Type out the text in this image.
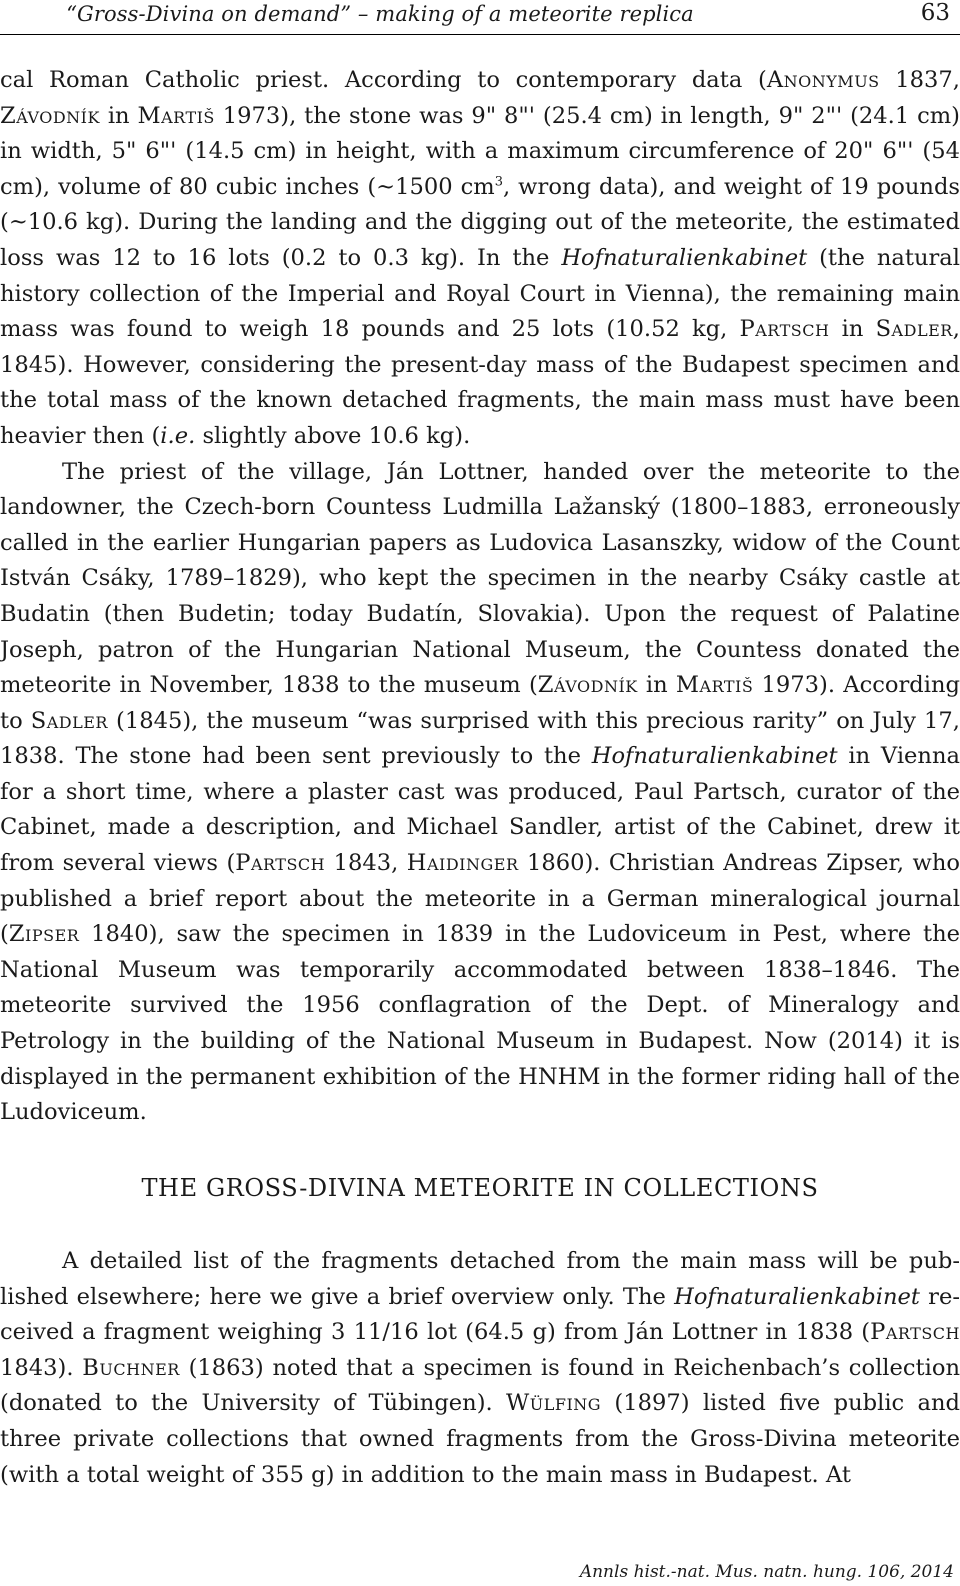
“Gross-Divina on demand” – making of a meteorite replica	63

cal Roman Catholic priest. According to contemporary data (Anonymus 1837, Závodník in Martiš 1973), the stone was 9" 8"' (25.4 cm) in length, 9" 2"' (24.1 cm) in width, 5" 6"' (14.5 cm) in height, with a maximum circumference of 20" 6"' (54 cm), volume of 80 cubic inches (~1500 $cm^3$, wrong data), and weight of 19 pounds (~10.6 kg). During the landing and the digging out of the meteorite, the estimated loss was 12 to 16 lots (0.2 to 0.3 kg). In the Hofnaturalienkabinet (the natural history collection of the Imperial and Royal Court in Vienna), the remaining main mass was found to weigh 18 pounds and 25 lots (10.52 kg, Partsch in Sadler, 1845). However, considering the present-day mass of the Budapest specimen and the total mass of the known detached fragments, the main mass must have been heavier then (i.e. slightly above 10.6 kg).

The priest of the village, Ján Lottner, handed over the meteorite to the landowner, the Czech-born Countess Ludmilla Lažanský (1800–1883, erroneously called in the earlier Hungarian papers as Ludovica Lasanszky, widow of the Count István Csáky, 1789–1829), who kept the specimen in the nearby Csáky castle at Budatin (then Budetin; today Budatín, Slovakia). Upon the request of Palatine Joseph, patron of the Hungarian National Museum, the Countess donated the meteorite in November, 1838 to the museum (Závodník in Martiš 1973). According to Sadler (1845), the museum “was surprised with this precious rarity” on July 17, 1838. The stone had been sent previously to the Hofnaturalienkabinet in Vienna for a short time, where a plaster cast was produced, Paul Partsch, curator of the Cabinet, made a description, and Michael Sandler, artist of the Cabinet, drew it from several views (Partsch 1843, Haidinger 1860). Christian Andreas Zipser, who published a brief report about the meteorite in a German mineralogical journal (Zipser 1840), saw the specimen in 1839 in the Ludoviceum in Pest, where the National Museum was temporarily accommodated between 1838–1846. The meteorite survived the 1956 conflagration of the Dept. of Mineralogy and Petrology in the building of the National Museum in Budapest. Now (2014) it is displayed in the permanent exhibition of the HNHM in the former riding hall of the Ludoviceum.

THE GROSS-DIVINA METEORITE IN COLLECTIONS

A detailed list of the fragments detached from the main mass will be published elsewhere; here we give a brief overview only. The Hofnaturalienkabinet received a fragment weighing 3 11/16 lot (64.5 g) from Ján Lottner in 1838 (Partsch 1843). Buchner (1863) noted that a specimen is found in Reichenbach’s collection (donated to the University of Tübingen). Wülfing (1897) listed five public and three private collections that owned fragments from the Gross-Divina meteorite (with a total weight of 355 g) in addition to the main mass in Budapest. At

Annls hist.-nat. Mus. natn. hung. 106, 2014
